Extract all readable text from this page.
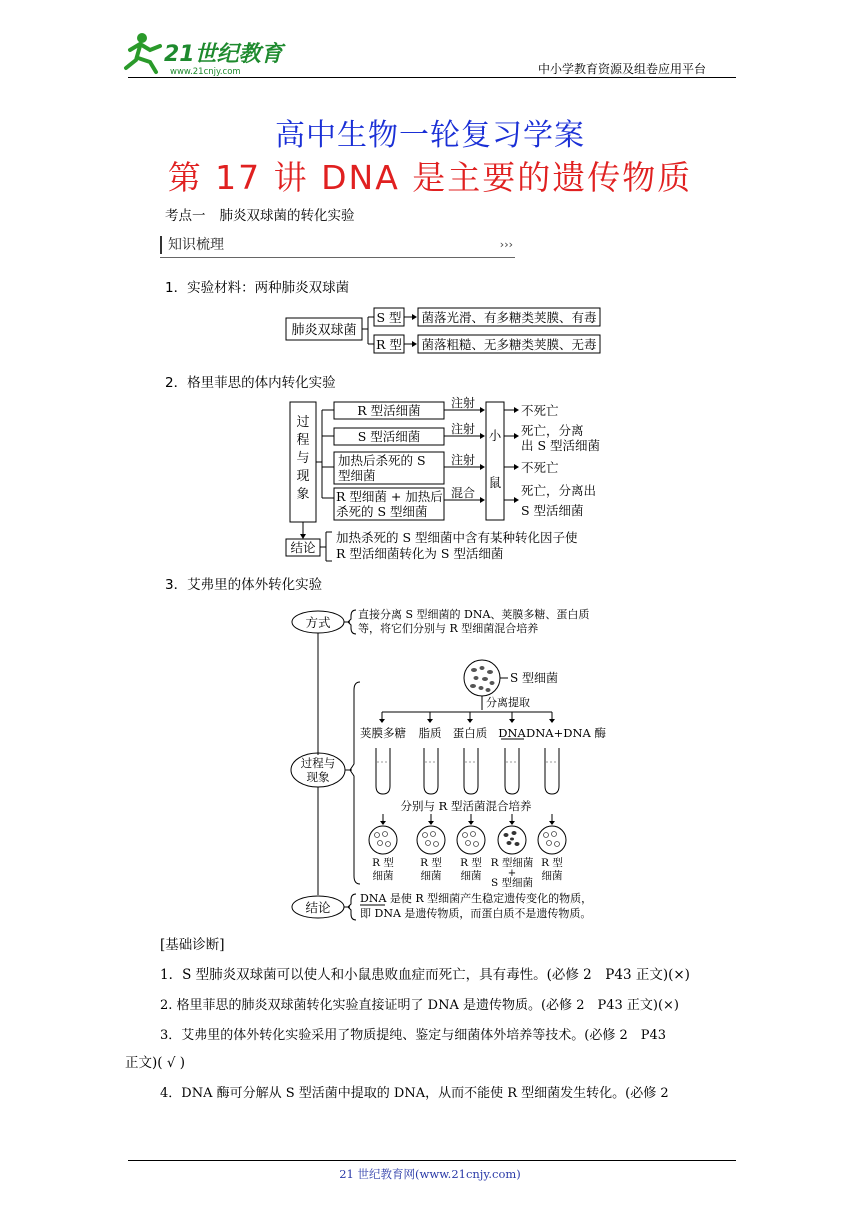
21世纪教育
www.21cnjy.com	中小学教育资源及组卷应用平台
高中生物一轮复习学案
第 17 讲 DNA 是主要的遗传物质
考点一 肺炎双球菌的转化实验
知识梳理	›››
1．实验材料：两种肺炎双球菌
肺炎双球菌
S 型
R 型
菌落光滑、有多糖类荚膜、有毒
菌落粗糙、无多糖类荚膜、无毒
2．格里菲思的体内转化实验
过
程
与
现
象
R 型活细菌
S 型活细菌
加热后杀死的 S
型细菌
R 型细菌 + 加热后
杀死的 S 型细菌
注射
注射
注射
混合
小
鼠
不死亡
死亡，分离
出 S 型活细菌
不死亡
死亡，分离出
S 型活细菌
结论
加热杀死的 S 型细菌中含有某种转化因子使
R 型活细菌转化为 S 型活细菌
3．艾弗里的体外转化实验
方式
直接分离 S 型细菌的 DNA、荚膜多糖、蛋白质
等，将它们分别与 R 型细菌混合培养
过程与
现象
S 型细菌
分离提取
荚膜多糖 脂质 蛋白质 DNA DNA+DNA 酶
分别与 R 型活菌混合培养
R 型
细菌
R 型
细菌
R 型
细菌
R 型细菌
+
S 型细菌
R 型
细菌
结论
DNA 是使 R 型细菌产生稳定遗传变化的物质，
即 DNA 是遗传物质，而蛋白质不是遗传物质。
[基础诊断]
1．S 型肺炎双球菌可以使人和小鼠患败血症而死亡，具有毒性。(必修 2　P43 正文)(×)
2. 格里菲思的肺炎双球菌转化实验直接证明了 DNA 是遗传物质。(必修 2　P43 正文)(×)
3．艾弗里的体外转化实验采用了物质提纯、鉴定与细菌体外培养等技术。(必修 2　P43
正文)( √ )
4．DNA 酶可分解从 S 型活菌中提取的 DNA，从而不能使 R 型细菌发生转化。(必修 2
21 世纪教育网(www.21cnjy.com)
